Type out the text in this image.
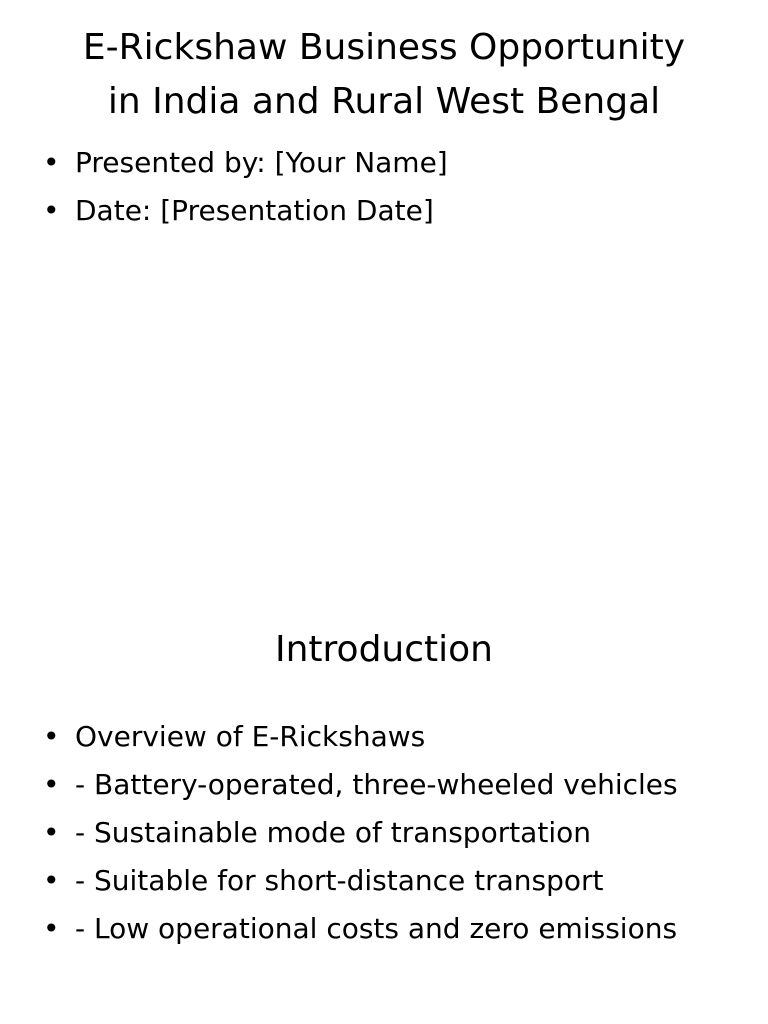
E-Rickshaw Business Opportunity
in India and Rural West Bengal
• Presented by: [Your Name]
• Date: [Presentation Date]
Introduction
• Overview of E-Rickshaws
• - Battery-operated, three-wheeled vehicles
• - Sustainable mode of transportation
• - Suitable for short-distance transport
• - Low operational costs and zero emissions
